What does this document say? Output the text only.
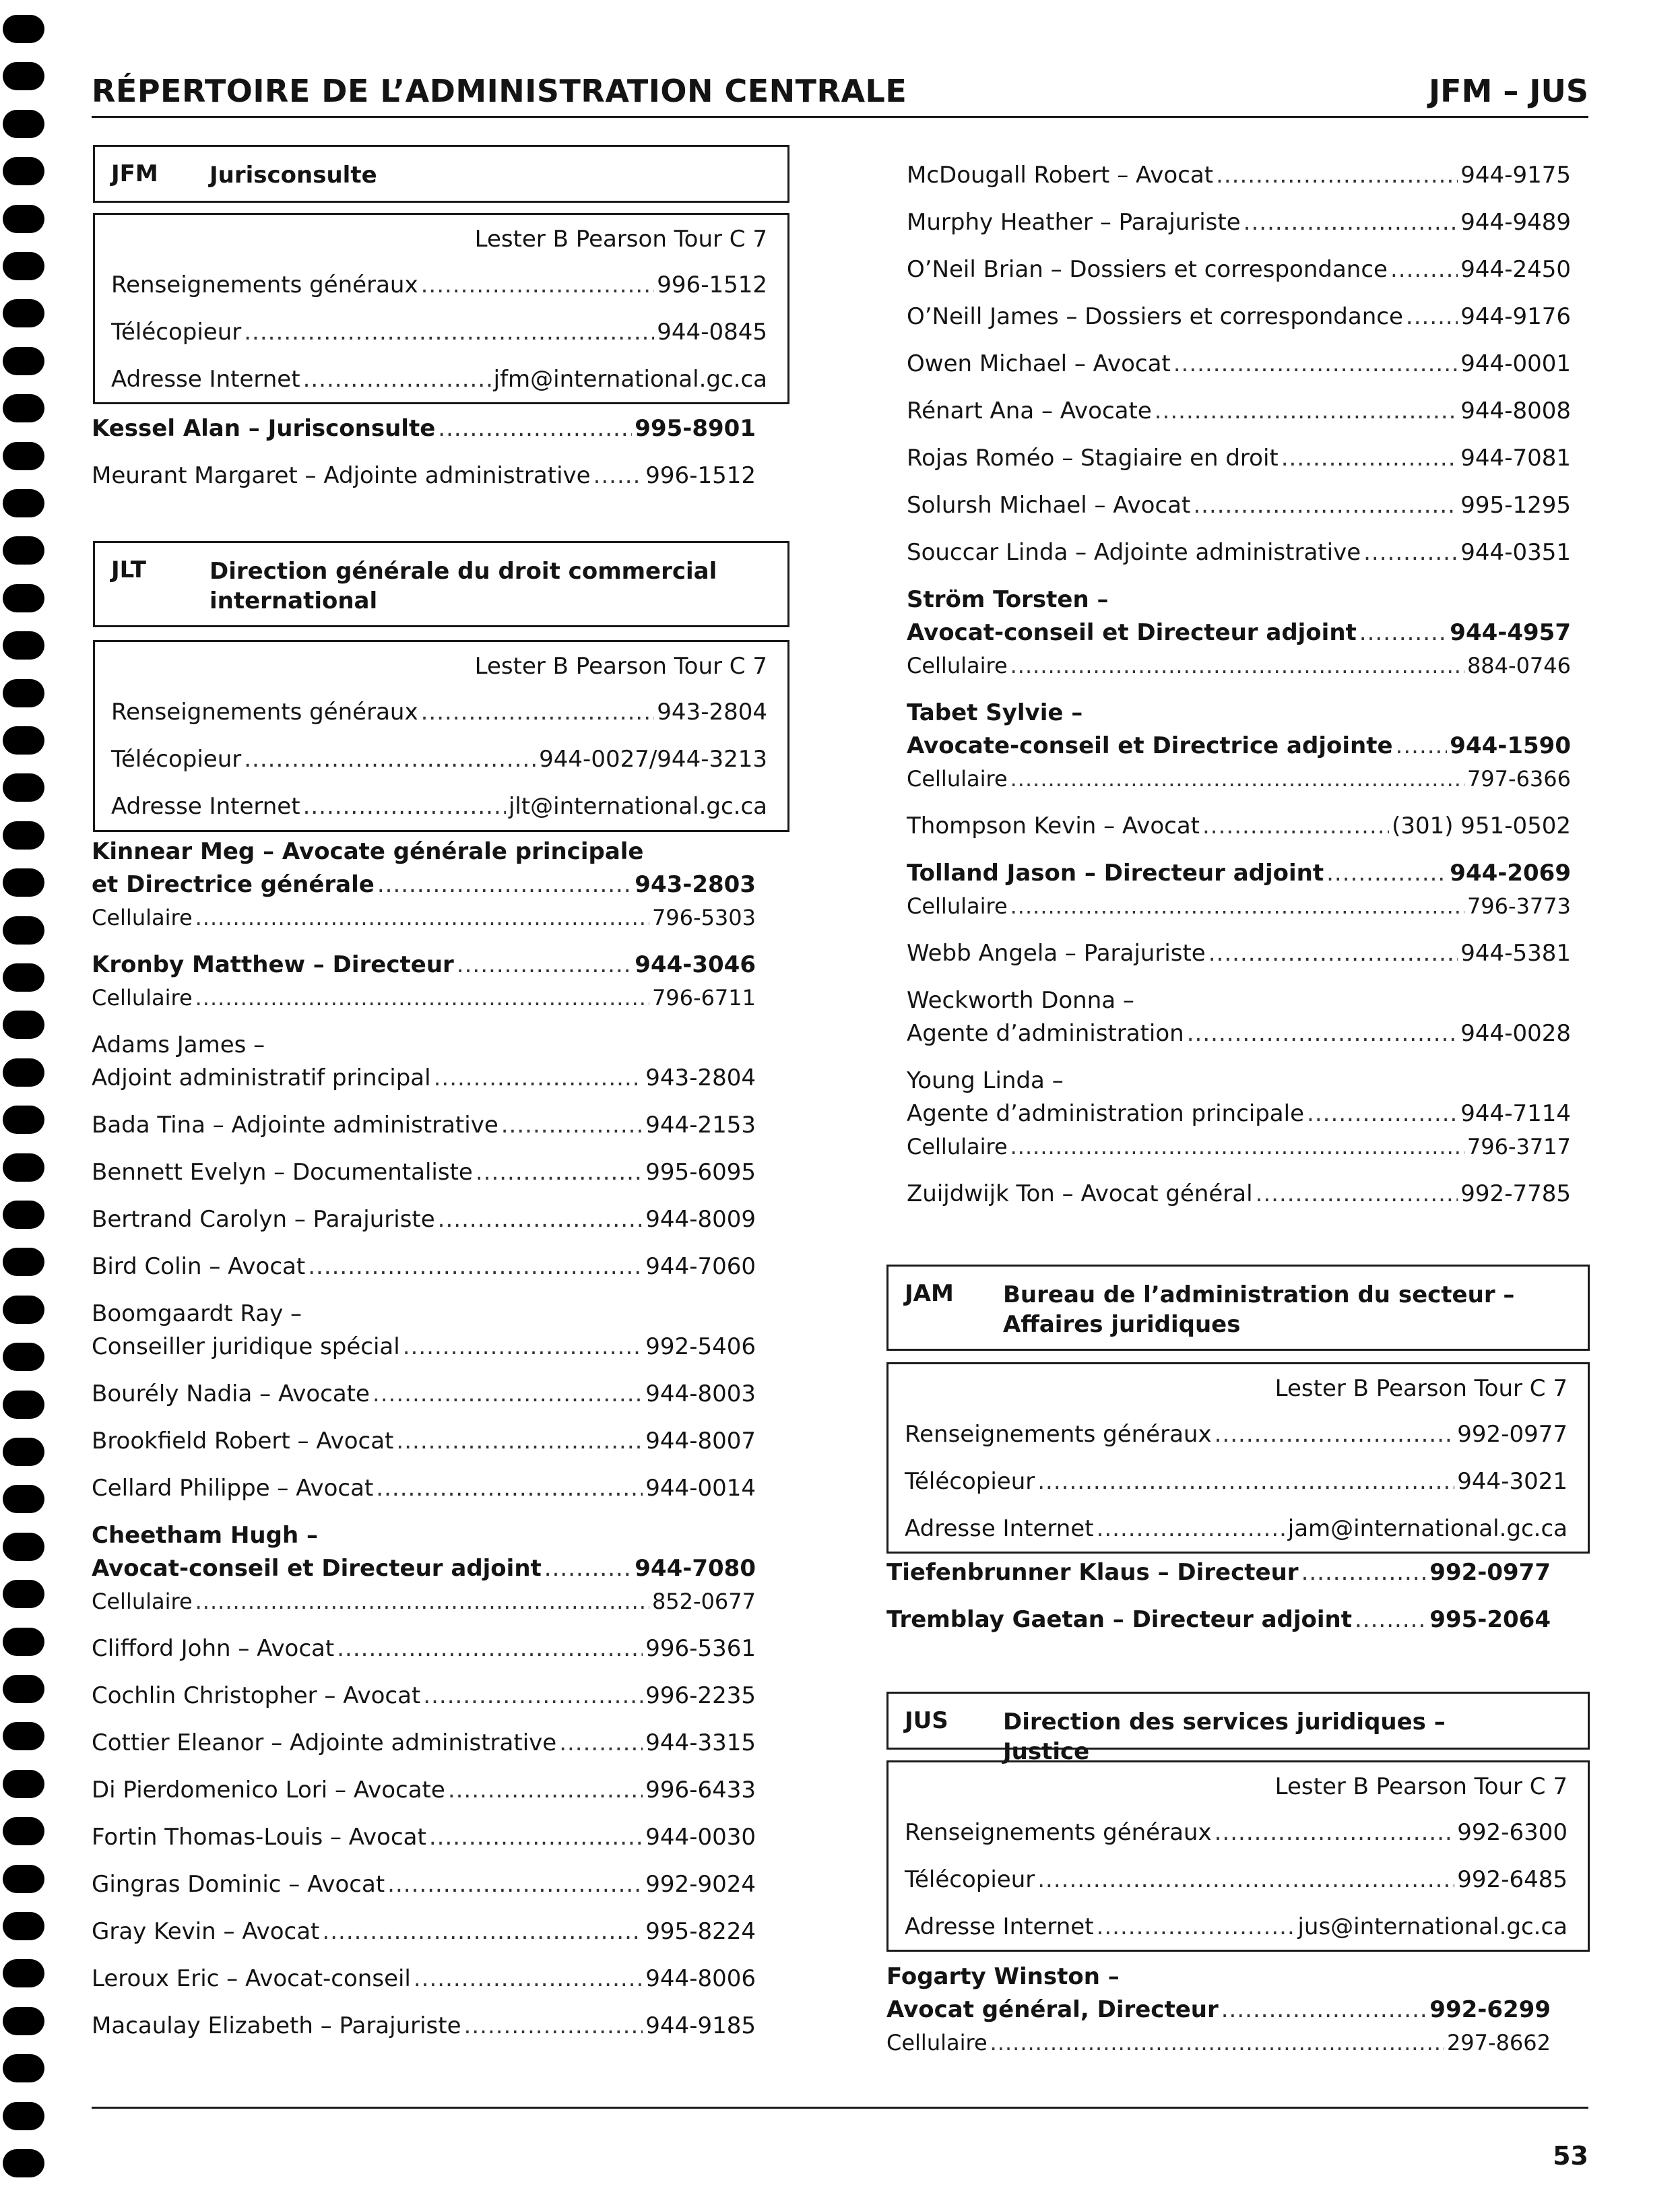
RÉPERTOIRE DE L’ADMINISTRATION CENTRALE	JFM – JUS
JFM Jurisconsulte
Lester B Pearson Tour C 7
Renseignements généraux .....	996-1512
Télécopieur .....	944-0845
Adresse Internet .....	jfm@international.gc.ca
Kessel Alan – Jurisconsulte .....	995-8901
Meurant Margaret – Adjointe administrative ..... 996-1512
JLT	Direction générale du droit commercial international
Lester B Pearson Tour C 7
Renseignements généraux .....	943-2804
Télécopieur .....	944-0027/944-3213
Adresse Internet .....	jlt@international.gc.ca
Kinnear Meg – Avocate générale principale
et Directrice générale .....	943-2803
Cellulaire .....	796-5303
Kronby Matthew – Directeur .....	944-3046
Cellulaire .....	796-6711
Adams James –
Adjoint administratif principal .....	943-2804
Bada Tina – Adjointe administrative .....	944-2153
Bennett Evelyn – Documentaliste .....	995-6095
Bertrand Carolyn – Parajuriste .....	944-8009
Bird Colin – Avocat .....	944-7060
Boomgaardt Ray –
Conseiller juridique spécial .....	992-5406
Bourély Nadia – Avocate .....	944-8003
Brookfield Robert – Avocat .....	944-8007
Cellard Philippe – Avocat .....	944-0014
Cheetham Hugh –
Avocat-conseil et Directeur adjoint .....	944-7080
Cellulaire .....	852-0677
Clifford John – Avocat .....	996-5361
Cochlin Christopher – Avocat .....	996-2235
Cottier Eleanor – Adjointe administrative .....	944-3315
Di Pierdomenico Lori – Avocate .....	996-6433
Fortin Thomas-Louis – Avocat .....	944-0030
Gingras Dominic – Avocat .....	992-9024
Gray Kevin – Avocat .....	995-8224
Leroux Eric – Avocat-conseil .....	944-8006
Macaulay Elizabeth – Parajuriste .....	944-9185
McDougall Robert – Avocat .....	944-9175
Murphy Heather – Parajuriste .....	944-9489
O’Neil Brian – Dossiers et correspondance .....	944-2450
O’Neill James – Dossiers et correspondance .....	944-9176
Owen Michael – Avocat .....	944-0001
Rénart Ana – Avocate .....	944-8008
Rojas Roméo – Stagiaire en droit .....	944-7081
Solursh Michael – Avocat .....	995-1295
Souccar Linda – Adjointe administrative .....	944-0351
Ström Torsten –
Avocat-conseil et Directeur adjoint .....	944-4957
Cellulaire .....	884-0746
Tabet Sylvie –
Avocate-conseil et Directrice adjointe ..... 944-1590
Cellulaire .....	797-6366
Thompson Kevin – Avocat .....	(301) 951-0502
Tolland Jason – Directeur adjoint .....	944-2069
Cellulaire .....	796-3773
Webb Angela – Parajuriste .....	944-5381
Weckworth Donna –
Agente d’administration .....	944-0028
Young Linda –
Agente d’administration principale .....	944-7114
Cellulaire .....	796-3717
Zuijdwijk Ton – Avocat général .....	992-7785
JAM Bureau de l’administration du secteur – Affaires juridiques
Lester B Pearson Tour C 7
Renseignements généraux .....	992-0977
Télécopieur .....	944-3021
Adresse Internet .....	jam@international.gc.ca
Tiefenbrunner Klaus – Directeur .....	992-0977
Tremblay Gaetan – Directeur adjoint .....	995-2064
JUS Direction des services juridiques – Justice
Lester B Pearson Tour C 7
Renseignements généraux .....	992-6300
Télécopieur .....	992-6485
Adresse Internet .....	jus@international.gc.ca
Fogarty Winston –
Avocat général, Directeur .....	992-6299
Cellulaire .....	297-8662
53
